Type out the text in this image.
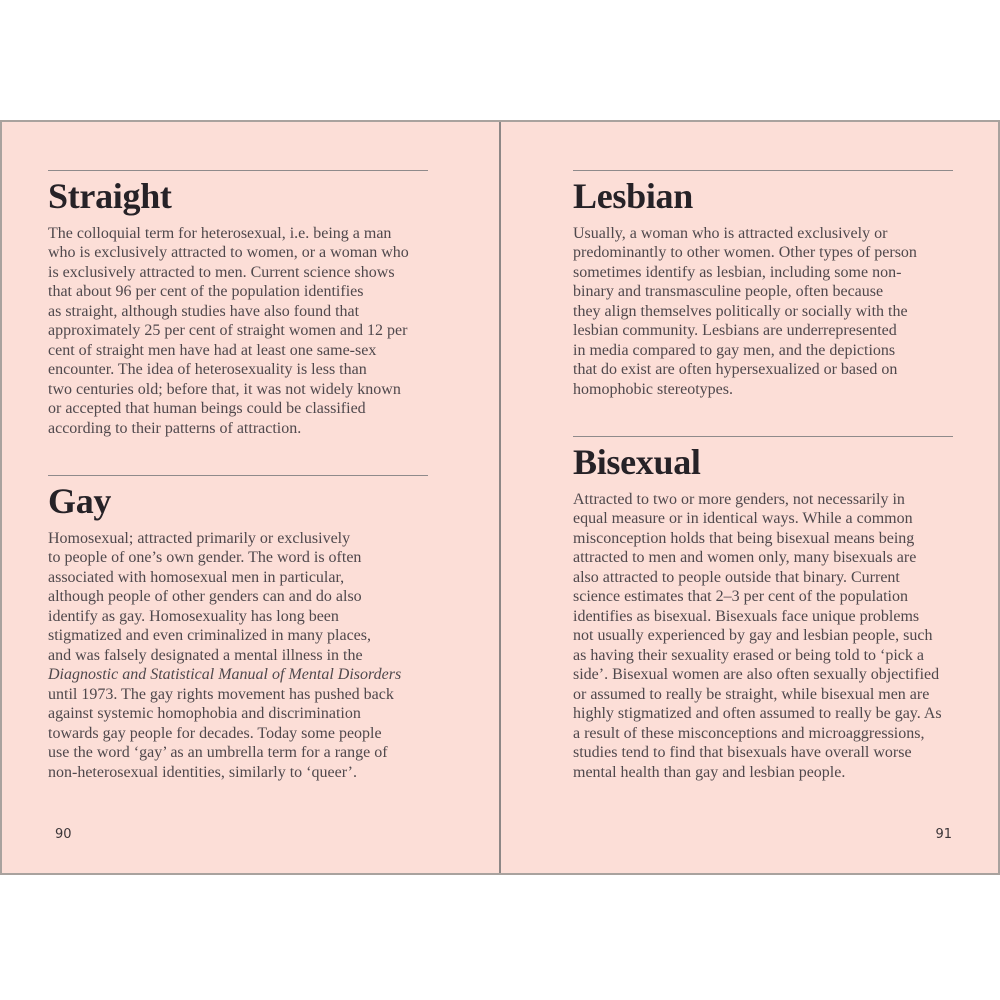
Straight

The colloquial term for heterosexual, i.e. being a man
who is exclusively attracted to women, or a woman who
is exclusively attracted to men. Current science shows
that about 96 per cent of the population identifies
as straight, although studies have also found that
approximately 25 per cent of straight women and 12 per
cent of straight men have had at least one same-sex
encounter. The idea of heterosexuality is less than
two centuries old; before that, it was not widely known
or accepted that human beings could be classified
according to their patterns of attraction.

Gay

Homosexual; attracted primarily or exclusively
to people of one’s own gender. The word is often
associated with homosexual men in particular,
although people of other genders can and do also
identify as gay. Homosexuality has long been
stigmatized and even criminalized in many places,
and was falsely designated a mental illness in the
Diagnostic and Statistical Manual of Mental Disorders
until 1973. The gay rights movement has pushed back
against systemic homophobia and discrimination
towards gay people for decades. Today some people
use the word ‘gay’ as an umbrella term for a range of
non-heterosexual identities, similarly to ‘queer’.

90
Lesbian

Usually, a woman who is attracted exclusively or
predominantly to other women. Other types of person
sometimes identify as lesbian, including some non-
binary and transmasculine people, often because
they align themselves politically or socially with the
lesbian community. Lesbians are underrepresented
in media compared to gay men, and the depictions
that do exist are often hypersexualized or based on
homophobic stereotypes.

Bisexual

Attracted to two or more genders, not necessarily in
equal measure or in identical ways. While a common
misconception holds that being bisexual means being
attracted to men and women only, many bisexuals are
also attracted to people outside that binary. Current
science estimates that 2–3 per cent of the population
identifies as bisexual. Bisexuals face unique problems
not usually experienced by gay and lesbian people, such
as having their sexuality erased or being told to ‘pick a
side’. Bisexual women are also often sexually objectified
or assumed to really be straight, while bisexual men are
highly stigmatized and often assumed to really be gay. As
a result of these misconceptions and microaggressions,
studies tend to find that bisexuals have overall worse
mental health than gay and lesbian people.

91
